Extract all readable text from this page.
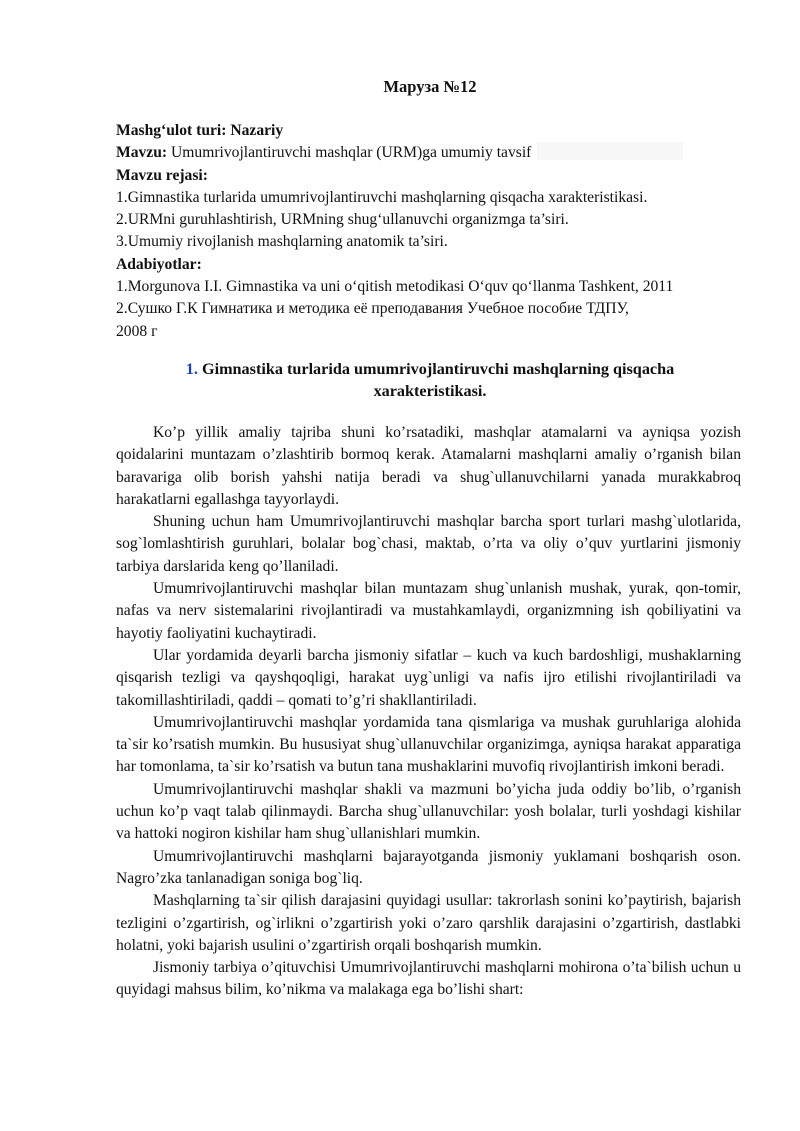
Маруза №12
Mashg‘ulot turi: Nazariy
Mavzu: Umumrivojlantiruvchi mashqlar (URM)ga umumiy tavsif
Mavzu rejasi:
1.Gimnastika turlarida umumrivojlantiruvchi mashqlarning qisqacha xarakteristikasi.
2.URMni guruhlashtirish, URMning shug‘ullanuvchi organizmga ta’siri.
3.Umumiy rivojlanish mashqlarning anatomik ta’siri.
Adabiyotlar:
1.Morgunova I.I. Gimnastika va uni o‘qitish metodikasi O‘quv qo‘llanma Tashkent, 2011
2.Сушко Г.К Гимнатика и методика её преподавания Учебное пособие ТДПУ,
2008 г
1. Gimnastika turlarida umumrivojlantiruvchi mashqlarning qisqacha
xarakteristikasi.

Ko’p yillik amaliy tajriba shuni ko’rsatadiki, mashqlar atamalarni va ayniqsa yozish qoidalarini muntazam o’zlashtirib bormoq kerak. Atamalarni mashqlarni amaliy o’rganish bilan baravariga olib borish yahshi natija beradi va shug`ullanuvchilarni yanada murakkabroq harakatlarni egallashga tayyorlaydi.

Shuning uchun ham Umumrivojlantiruvchi mashqlar barcha sport turlari mashg`ulotlarida, sog`lomlashtirish guruhlari, bolalar bog`chasi, maktab, o’rta va oliy o’quv yurtlarini jismoniy tarbiya darslarida keng qo’llaniladi.

Umumrivojlantiruvchi mashqlar bilan muntazam shug`unlanish mushak, yurak, qon-tomir, nafas va nerv sistemalarini rivojlantiradi va mustahkamlaydi, organizmning ish qobiliyatini va hayotiy faoliyatini kuchaytiradi.

Ular yordamida deyarli barcha jismoniy sifatlar – kuch va kuch bardoshligi, mushaklarning qisqarish tezligi va qayshqoqligi, harakat uyg`unligi va nafis ijro etilishi rivojlantiriladi va takomillashtiriladi, qaddi – qomati to’g’ri shakllantiriladi.

Umumrivojlantiruvchi mashqlar yordamida tana qismlariga va mushak guruhlariga alohida ta`sir ko’rsatish mumkin. Bu hususiyat shug`ullanuvchilar organizimga, ayniqsa harakat apparatiga har tomonlama, ta`sir ko’rsatish va butun tana mushaklarini muvofiq rivojlantirish imkoni beradi.

Umumrivojlantiruvchi mashqlar shakli va mazmuni bo’yicha juda oddiy bo’lib, o’rganish uchun ko’p vaqt talab qilinmaydi. Barcha shug`ullanuvchilar: yosh bolalar, turli yoshdagi kishilar va hattoki nogiron kishilar ham shug`ullanishlari mumkin.

Umumrivojlantiruvchi mashqlarni bajarayotganda jismoniy yuklamani boshqarish oson. Nagro’zka tanlanadigan soniga bog`liq.

Mashqlarning ta`sir qilish darajasini quyidagi usullar: takrorlash sonini ko’paytirish, bajarish tezligini o’zgartirish, og`irlikni o’zgartirish yoki o’zaro qarshlik darajasini o’zgartirish, dastlabki holatni, yoki bajarish usulini o’zgartirish orqali boshqarish mumkin.

Jismoniy tarbiya o’qituvchisi Umumrivojlantiruvchi mashqlarni mohirona o’ta`bilish uchun u quyidagi mahsus bilim, ko’nikma va malakaga ega bo’lishi shart:
